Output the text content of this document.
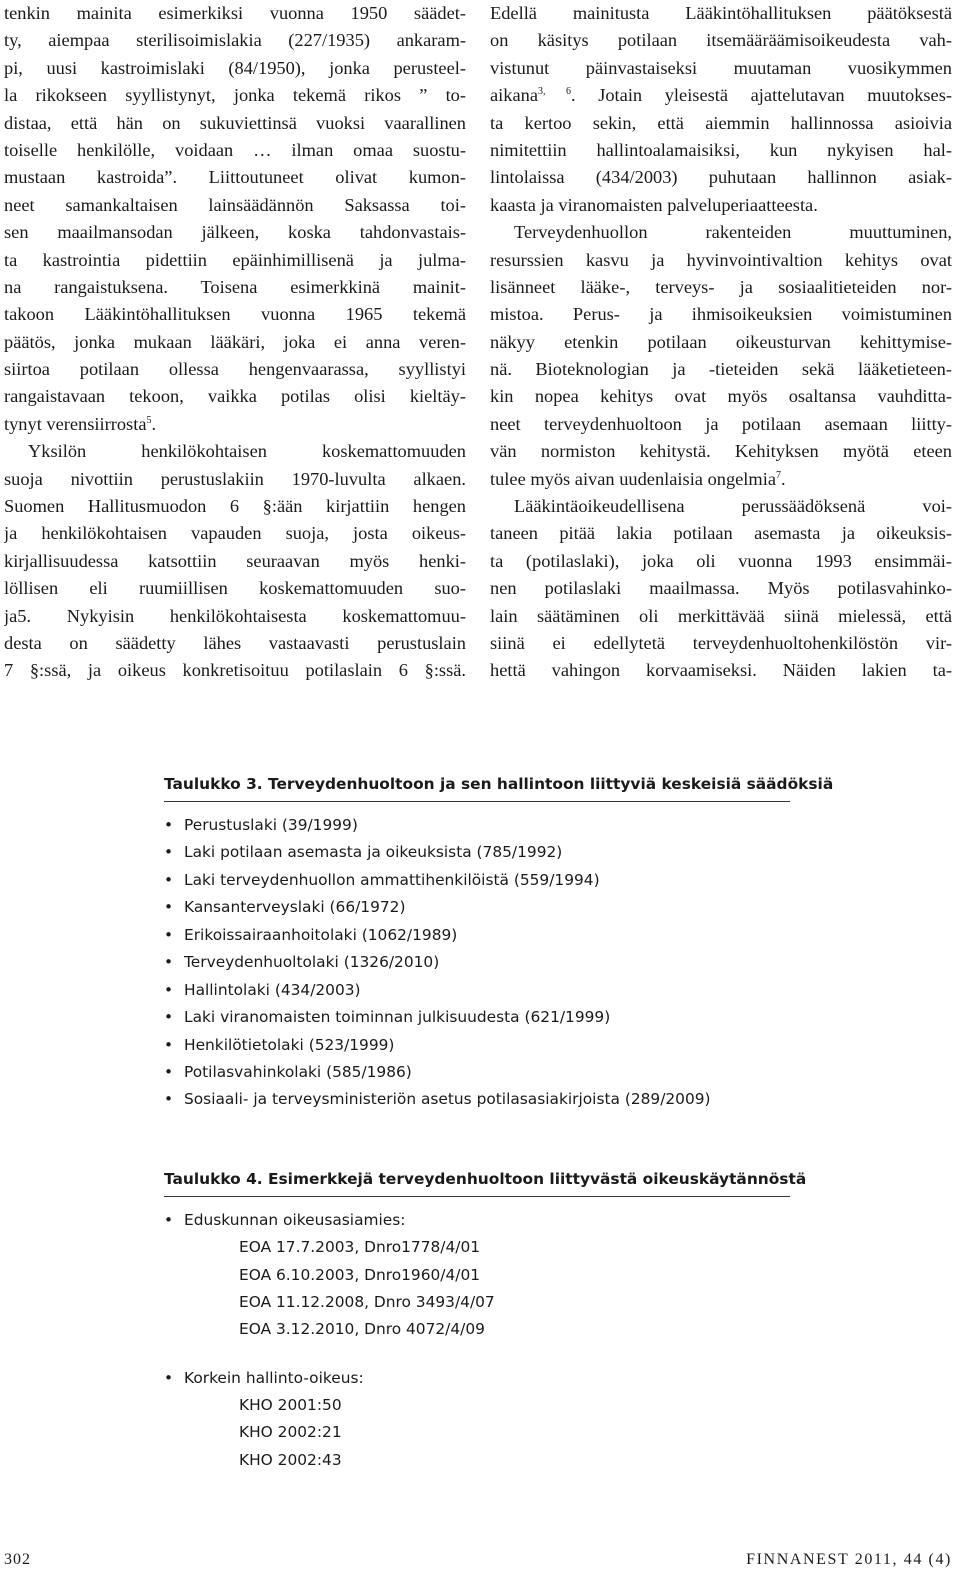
tenkin mainita esimerkiksi vuonna 1950 säädet-
ty, aiempaa sterilisoimislakia (227/1935) ankaram-
pi, uusi kastroimislaki (84/1950), jonka perusteel-
la rikokseen syyllistynyt, jonka tekemä rikos ” to-
distaa, että hän on sukuviettinsä vuoksi vaarallinen
toiselle henkilölle, voidaan … ilman omaa suostu-
mustaan kastroida”. Liittoutuneet olivat kumon-
neet samankaltaisen lainsäädännön Saksassa toi-
sen maailmansodan jälkeen, koska tahdonvastais-
ta kastrointia pidettiin epäinhimillisenä ja julma-
na rangaistuksena. Toisena esimerkkinä mainit-
takoon Lääkintöhallituksen vuonna 1965 tekemä
päätös, jonka mukaan lääkäri, joka ei anna veren-
siirtoa potilaan ollessa hengenvaarassa, syyllistyi
rangaistavaan tekoon, vaikka potilas olisi kieltäy-
tynyt verensiirrosta$^5$.
Yksilön henkilökohtaisen koskemattomuuden
suoja nivottiin perustuslakiin 1970-luvulta alkaen.
Suomen Hallitusmuodon 6 §:ään kirjattiin hengen
ja henkilökohtaisen vapauden suoja, josta oikeus-
kirjallisuudessa katsottiin seuraavan myös henki-
löllisen eli ruumiillisen koskemattomuuden suo-
ja5. Nykyisin henkilökohtaisesta koskemattomuu-
desta on säädetty lähes vastaavasti perustuslain
7 §:ssä, ja oikeus konkretisoituu potilaslain 6 §:ssä.
Edellä mainitusta Lääkintöhallituksen päätöksestä
on käsitys potilaan itsemääräämisoikeudesta vah-
vistunut päinvastaiseksi muutaman vuosikymmen
aikana$^{3, 6}$. Jotain yleisestä ajattelutavan muutokses-
ta kertoo sekin, että aiemmin hallinnossa asioivia
nimitettiin hallintoalamaisiksi, kun nykyisen hal-
lintolaissa (434/2003) puhutaan hallinnon asiak-
kaasta ja viranomaisten palveluperiaatteesta.
Terveydenhuollon rakenteiden muuttuminen,
resurssien kasvu ja hyvinvointivaltion kehitys ovat
lisänneet lääke-, terveys- ja sosiaalitieteiden nor-
mistoa. Perus- ja ihmisoikeuksien voimistuminen
näkyy etenkin potilaan oikeusturvan kehittymise-
nä. Bioteknologian ja -tieteiden sekä lääketieteen-
kin nopea kehitys ovat myös osaltansa vauhditta-
neet terveydenhuoltoon ja potilaan asemaan liitty-
vän normiston kehitystä. Kehityksen myötä eteen
tulee myös aivan uudenlaisia ongelmia$^7$.
Lääkintäoikeudellisena perussäädöksenä voi-
taneen pitää lakia potilaan asemasta ja oikeuksis-
ta (potilaslaki), joka oli vuonna 1993 ensimmäi-
nen potilaslaki maailmassa. Myös potilasvahinko-
lain säätäminen oli merkittävää siinä mielessä, että
siinä ei edellytetä terveydenhuoltohenkilöstön vir-
hettä vahingon korvaamiseksi. Näiden lakien ta-
Taulukko 3. Terveydenhuoltoon ja sen hallintoon liittyviä keskeisiä säädöksiä
• Perustuslaki (39/1999)
• Laki potilaan asemasta ja oikeuksista (785/1992)
• Laki terveydenhuollon ammattihenkilöistä (559/1994)
• Kansanterveyslaki (66/1972)
• Erikoissairaanhoitolaki (1062/1989)
• Terveydenhuoltolaki (1326/2010)
• Hallintolaki (434/2003)
• Laki viranomaisten toiminnan julkisuudesta (621/1999)
• Henkilötietolaki (523/1999)
• Potilasvahinkolaki (585/1986)
• Sosiaali- ja terveysministeriön asetus potilasasiakirjoista (289/2009)
Taulukko 4. Esimerkkejä terveydenhuoltoon liittyvästä oikeuskäytännöstä
• Eduskunnan oikeusasiamies:
EOA 17.7.2003, Dnro1778/4/01
EOA 6.10.2003, Dnro1960/4/01
EOA 11.12.2008, Dnro 3493/4/07
EOA 3.12.2010, Dnro 4072/4/09
• Korkein hallinto-oikeus:
KHO 2001:50
KHO 2002:21
KHO 2002:43
302	FINNANEST 2011, 44 (4)
